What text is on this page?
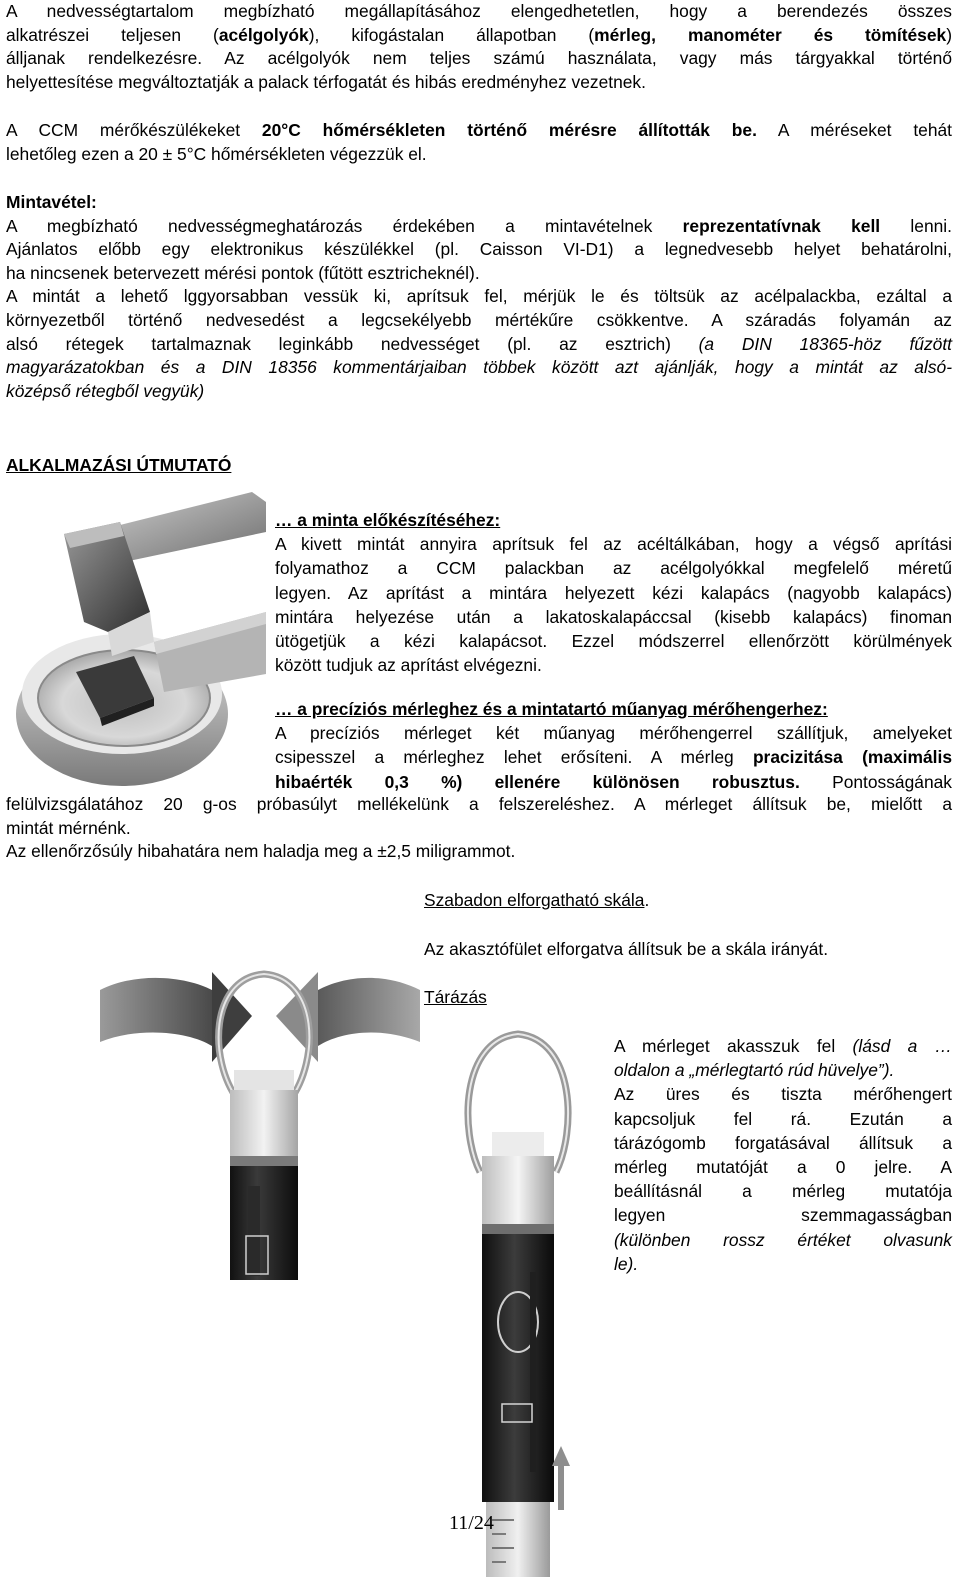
A nedvességtartalom megbízható megállapításához elengedhetetlen, hogy a berendezés összes
alkatrészei teljesen (acélgolyók), kifogástalan állapotban (mérleg, manométer és tömítések)
álljanak rendelkezésre. Az acélgolyók nem teljes számú használata, vagy más tárgyakkal történő
helyettesítése megváltoztatják a palack térfogatát és hibás eredményhez vezetnek.
A CCM mérőkészülékeket 20°C hőmérsékleten történő mérésre állították be. A méréseket tehát
lehetőleg ezen a 20 ± 5°C hőmérsékleten végezzük el.
Mintavétel:
A megbízható nedvességmeghatározás érdekében a mintavételnek reprezentatívnak kell lenni.
Ajánlatos előbb egy elektronikus készülékkel (pl. Caisson VI-D1) a legnedvesebb helyet behatárolni,
ha nincsenek betervezett mérési pontok (fűtött esztricheknél).
A mintát a lehető lggyorsabban vessük ki, aprítsuk fel, mérjük le és töltsük az acélpalackba, ezáltal a
környezetből történő nedvesedést a legcsekélyebb mértékűre csökkentve. A száradás folyamán az
alsó rétegek tartalmaznak leginkább nedvességet (pl. az esztrich) (a DIN 18365-höz fűzött
magyarázatokban és a DIN 18356 kommentárjaiban többek között azt ajánlják, hogy a mintát az alsó-
középső rétegből vegyük)
ALKALMAZÁSI ÚTMUTATÓ
… a minta előkészítéséhez:
A kivett mintát annyira aprítsuk fel az acéltálkában, hogy a végső aprítási
folyamathoz a CCM palackban az acélgolyókkal megfelelő méretű
legyen. Az aprítást a mintára helyezett kézi kalapács (nagyobb kalapács)
mintára helyezése után a lakatoskalapáccsal (kisebb kalapács) finoman
ütögetjük a kézi kalapácsot. Ezzel módszerrel ellenőrzött körülmények
között tudjuk az aprítást elvégezni.
… a precíziós mérleghez és a mintatartó műanyag mérőhengerhez:
A precíziós mérleget két műanyag mérőhengerrel szállítjuk, amelyeket
csipesszel a mérleghez lehet erősíteni. A mérleg pracizitása (maximális
hibaérték 0,3 %) ellenére különösen robusztus. Pontosságának
felülvizsgálatához 20 g-os próbasúlyt mellékelünk a felszereléshez. A mérleget állítsuk be, mielőtt a
mintát mérnénk.
Az ellenőrzősúly hibahatára nem haladja meg a ±2,5 miligrammot.
Szabadon elforgatható skála.
Az akasztófület elforgatva állítsuk be a skála irányát.
Tárázás
A mérleget akasszuk fel (lásd a …
oldalon a „mérlegtartó rúd hüvelye”).
Az üres és tiszta mérőhengert
kapcsoljuk fel rá. Ezután a
tárázógomb forgatásával állítsuk a
mérleg mutatóját a 0 jelre. A
beállításnál a mérleg mutatója
legyen szemmagasságban
(különben rossz értéket olvasunk
le).
11/24
